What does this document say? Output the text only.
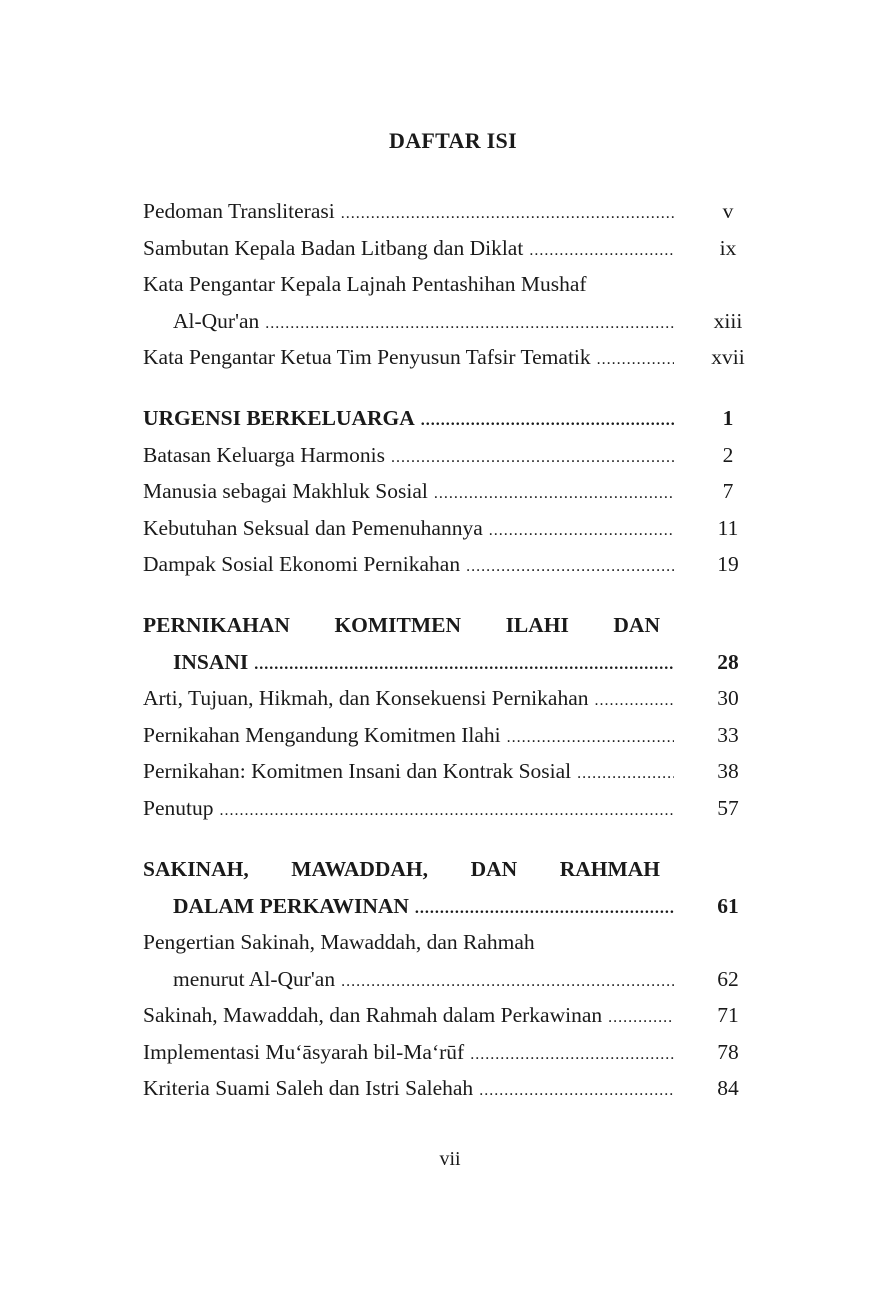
DAFTAR ISI
Pedoman Transliterasi .....	v
Sambutan Kepala Badan Litbang dan Diklat .....	ix
Kata Pengantar Kepala Lajnah Pentashihan Mushaf
Al-Qur'an .....	xiii
Kata Pengantar Ketua Tim Penyusun Tafsir Tematik .....	xvii
URGENSI BERKELUARGA .....	1
Batasan Keluarga Harmonis .....	2
Manusia sebagai Makhluk Sosial .....	7
Kebutuhan Seksual dan Pemenuhannya .....	11
Dampak Sosial Ekonomi Pernikahan .....	19
PERNIKAHAN KOMITMEN ILAHI DAN
INSANI .....	28
Arti, Tujuan, Hikmah, dan Konsekuensi Pernikahan .....	30
Pernikahan Mengandung Komitmen Ilahi .....	33
Pernikahan: Komitmen Insani dan Kontrak Sosial .....	38
Penutup .....	57
SAKINAH, MAWADDAH, DAN RAHMAH
DALAM PERKAWINAN .....	61
Pengertian Sakinah, Mawaddah, dan Rahmah
menurut Al-Qur'an .....	62
Sakinah, Mawaddah, dan Rahmah dalam Perkawinan .....	71
Implementasi Muʻāsyarah bil-Maʻrūf .....	78
Kriteria Suami Saleh dan Istri Salehah .....	84
vii
